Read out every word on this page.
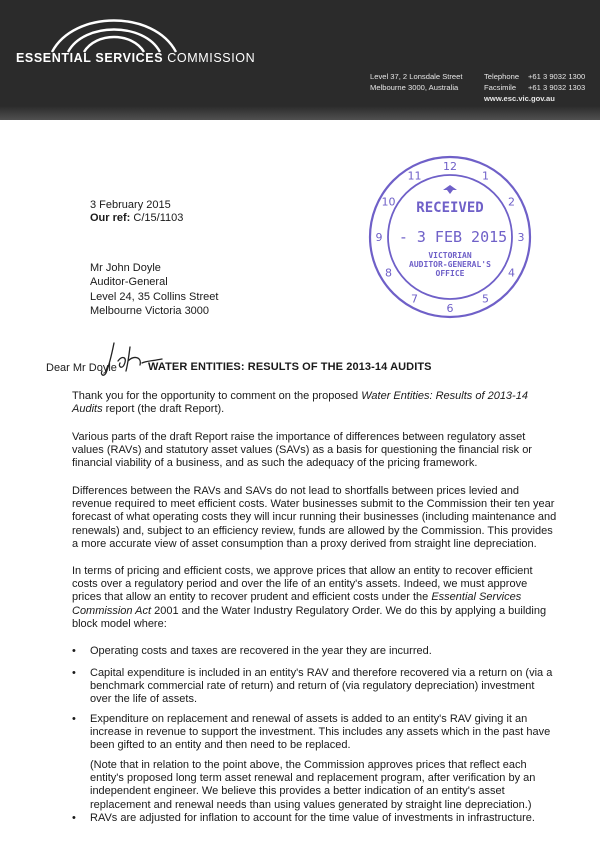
ESSENTIAL SERVICES COMMISSION
Level 37, 2 Lonsdale Street
Melbourne 3000, Australia
Telephone +61 3 9032 1300
Facsimile +61 3 9032 1303
www.esc.vic.gov.au
1
2
3
4
5
6
7
8
9
10
11
12
RECEIVED
- 3 FEB 2015
VICTORIAN
AUDITOR-GENERAL'S
OFFICE
3 February 2015
Our ref: C/15/1103
Mr John Doyle
Auditor-General
Level 24, 35 Collins Street
Melbourne Victoria 3000
Dear Mr Doyle	WATER ENTITIES: RESULTS OF THE 2013-14 AUDITS

Thank you for the opportunity to comment on the proposed Water Entities: Results of 2013-14 Audits report (the draft Report).

Various parts of the draft Report raise the importance of differences between regulatory asset values (RAVs) and statutory asset values (SAVs) as a basis for questioning the financial risk or financial viability of a business, and as such the adequacy of the pricing framework.

Differences between the RAVs and SAVs do not lead to shortfalls between prices levied and revenue required to meet efficient costs. Water businesses submit to the Commission their ten year forecast of what operating costs they will incur running their businesses (including maintenance and renewals) and, subject to an efficiency review, funds are allowed by the Commission. This provides a more accurate view of asset consumption than a proxy derived from straight line depreciation.

In terms of pricing and efficient costs, we approve prices that allow an entity to recover efficient costs over a regulatory period and over the life of an entity's assets. Indeed, we must approve prices that allow an entity to recover prudent and efficient costs under the Essential Services Commission Act 2001 and the Water Industry Regulatory Order. We do this by applying a building block model where:

• Operating costs and taxes are recovered in the year they are incurred.
• Capital expenditure is included in an entity's RAV and therefore recovered via a return on (via a benchmark commercial rate of return) and return of (via regulatory depreciation) investment over the life of assets.
• Expenditure on replacement and renewal of assets is added to an entity's RAV giving it an increase in revenue to support the investment. This includes any assets which in the past have been gifted to an entity and then need to be replaced.
(Note that in relation to the point above, the Commission approves prices that reflect each entity's proposed long term asset renewal and replacement program, after verification by an independent engineer. We believe this provides a better indication of an entity's asset replacement and renewal needs than using values generated by straight line depreciation.)
• RAVs are adjusted for inflation to account for the time value of investments in infrastructure.
